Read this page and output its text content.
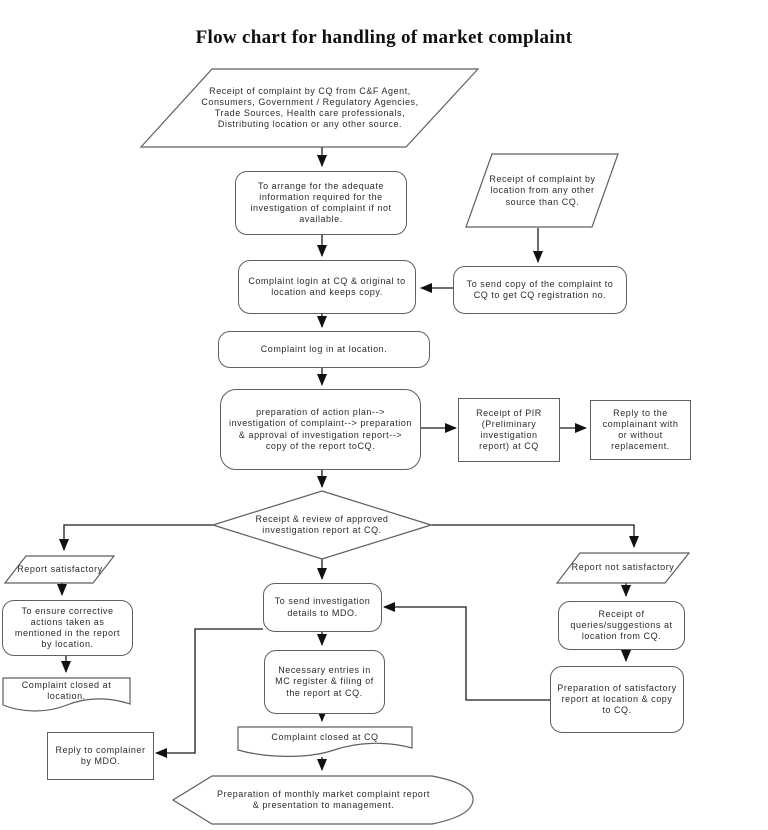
Flow chart for handling of market complaint
Receipt of complaint by CQ from C&F Agent, Consumers, Government / Regulatory Agencies, Trade Sources, Health care professionals, Distributing location or any other source.
To arrange for the adequate information required for the investigation of complaint if not available.
Receipt of complaint by location from any other source than CQ.
Complaint login at CQ & original to location and keeps copy.
To send copy of the complaint to CQ to get CQ registration no.
Complaint log in at location.
preparation of action plan--> investigation of complaint--> preparation & approval of investigation report--> copy of the report toCQ.
Receipt of PIR (Preliminary investigation report) at CQ
Reply to the complainant with or without replacement.
Receipt & review of approved investigation report at CQ.
Report satisfactory
To ensure corrective actions taken as mentioned in the report by location.
Complaint closed at location.
Reply to complainer by MDO.
Report not satisfactory
To send investigation details to MDO.	Receipt of queries/suggestions at location from CQ.
Preparation of satisfactory report at location & copy to CQ.
Necessary entries in MC register & filing of the report at CQ.
Complaint closed at CQ
Preparation of monthly market complaint report & presentation to management.
